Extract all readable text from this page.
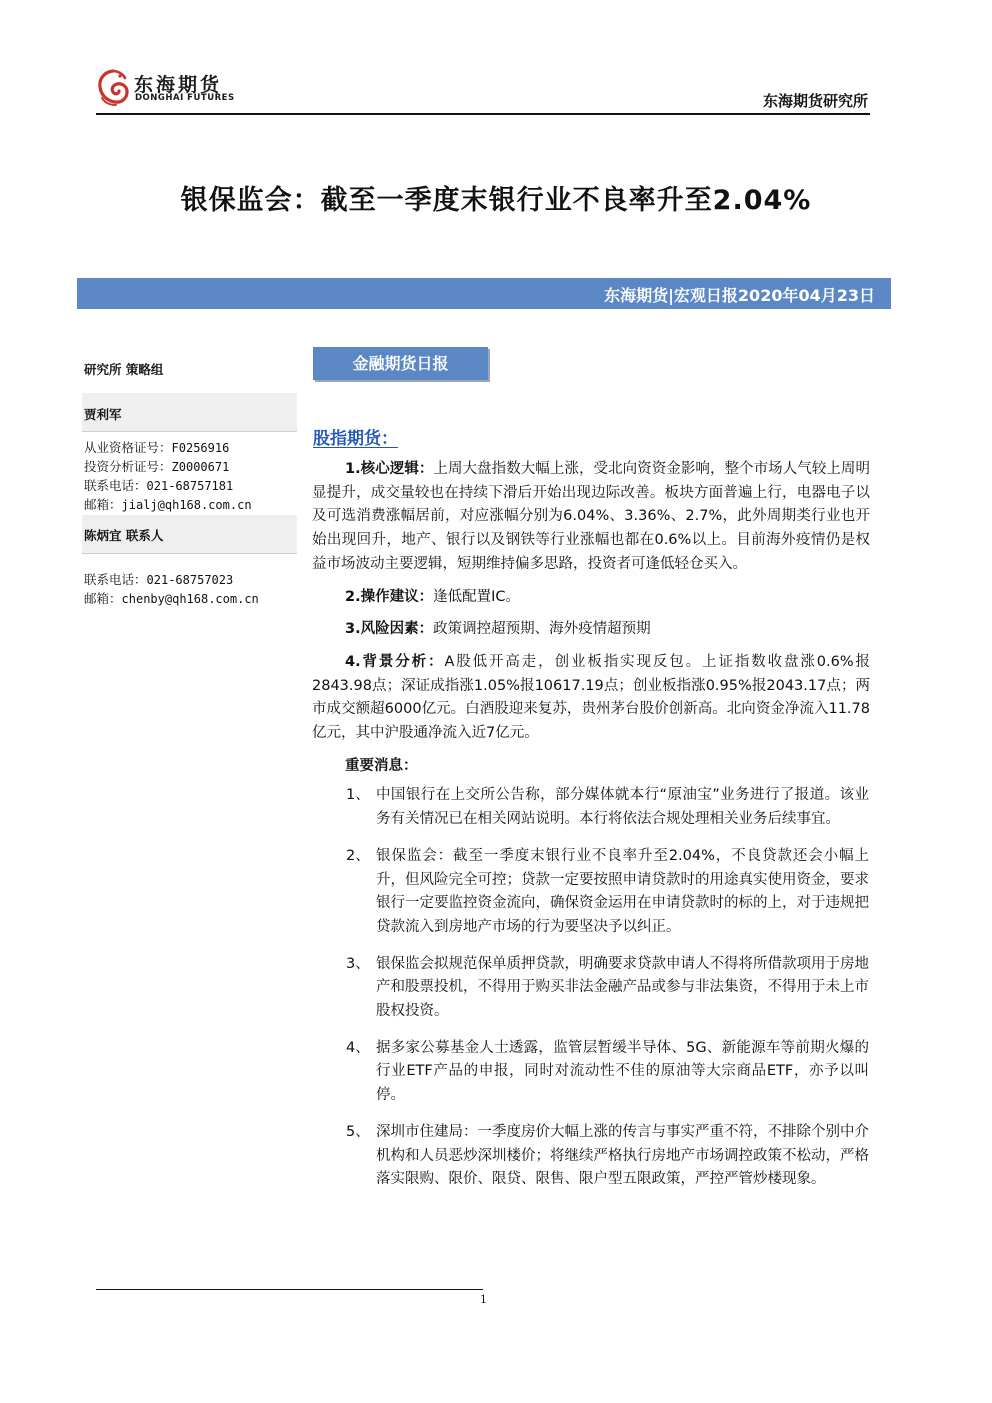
东海期货
DONGHAI FUTURES	东海期货研究所
银保监会：截至一季度末银行业不良率升至2.04%
东海期货|宏观日报2020年04月23日
研究所 策略组
贾利军
从业资格证号：F0256916
投资分析证号：Z0000671
联系电话：021-68757181
邮箱：jialj@qh168.com.cn
陈炳宜 联系人
联系电话：021-68757023
邮箱：chenby@qh168.com.cn
金融期货日报
股指期货：

1.核心逻辑：上周大盘指数大幅上涨，受北向资资金影响，整个市场人气较上周明显提升，成交量较也在持续下滑后开始出现边际改善。板块方面普遍上行，电器电子以及可选消费涨幅居前，对应涨幅分别为6.04%、3.36%、2.7%，此外周期类行业也开始出现回升，地产、银行以及钢铁等行业涨幅也都在0.6%以上。目前海外疫情仍是权益市场波动主要逻辑，短期维持偏多思路，投资者可逢低轻仓买入。

2.操作建议：逢低配置IC。

3.风险因素：政策调控超预期、海外疫情超预期

4.背景分析：A股低开高走，创业板指实现反包。上证指数收盘涨0.6%报2843.98点；深证成指涨1.05%报10617.19点；创业板指涨0.95%报2043.17点；两市成交额超6000亿元。白酒股迎来复苏，贵州茅台股价创新高。北向资金净流入11.78亿元，其中沪股通净流入近7亿元。

重要消息：

1、 中国银行在上交所公告称，部分媒体就本行“原油宝”业务进行了报道。该业务有关情况已在相关网站说明。本行将依法合规处理相关业务后续事宜。
2、 银保监会：截至一季度末银行业不良率升至2.04%，不良贷款还会小幅上升，但风险完全可控；贷款一定要按照申请贷款时的用途真实使用资金，要求银行一定要监控资金流向，确保资金运用在申请贷款时的标的上，对于违规把贷款流入到房地产市场的行为要坚决予以纠正。
3、 银保监会拟规范保单质押贷款，明确要求贷款申请人不得将所借款项用于房地产和股票投机，不得用于购买非法金融产品或参与非法集资，不得用于未上市股权投资。
4、 据多家公募基金人士透露，监管层暂缓半导体、5G、新能源车等前期火爆的行业ETF产品的申报，同时对流动性不佳的原油等大宗商品ETF，亦予以叫停。
5、 深圳市住建局：一季度房价大幅上涨的传言与事实严重不符，不排除个别中介机构和人员恶炒深圳楼价；将继续严格执行房地产市场调控政策不松动，严格落实限购、限价、限贷、限售、限户型五限政策，严控严管炒楼现象。
1
